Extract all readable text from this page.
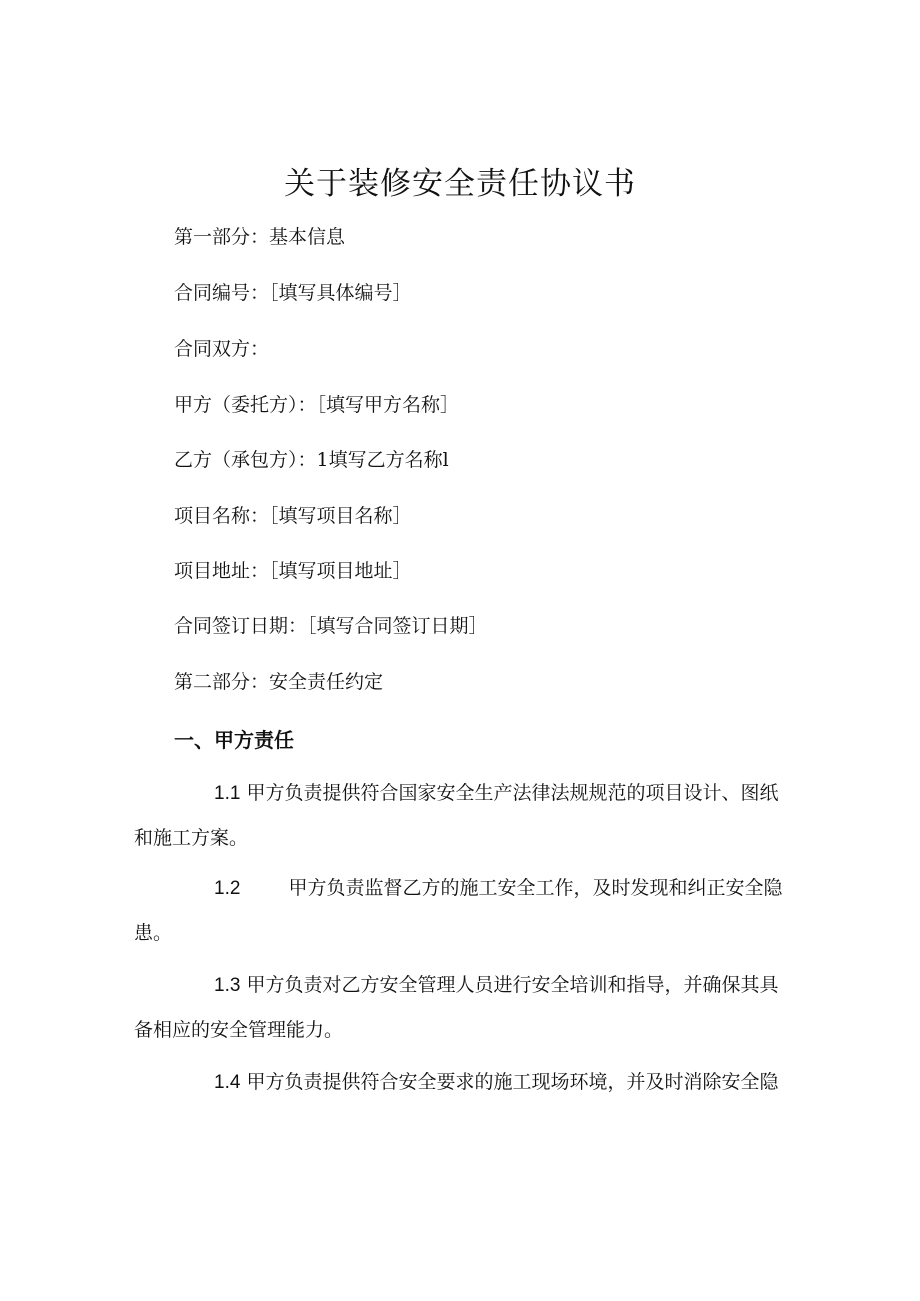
关于装修安全责任协议书

第一部分：基本信息

合同编号：［填写具体编号］

合同双方：

甲方（委托方）：［填写甲方名称］

乙方（承包方）：1填写乙方名称l

项目名称：［填写项目名称］

项目地址：［填写项目地址］

合同签订日期：［填写合同签订日期］

第二部分：安全责任约定

一、甲方责任

1.1 甲方负责提供符合国家安全生产法律法规规范的项目设计、图纸和施工方案。

1.2	甲方负责监督乙方的施工安全工作，及时发现和纠正安全隐患。

1.3 甲方负责对乙方安全管理人员进行安全培训和指导，并确保其具备相应的安全管理能力。

1.4 甲方负责提供符合安全要求的施工现场环境，并及时消除安全隐
